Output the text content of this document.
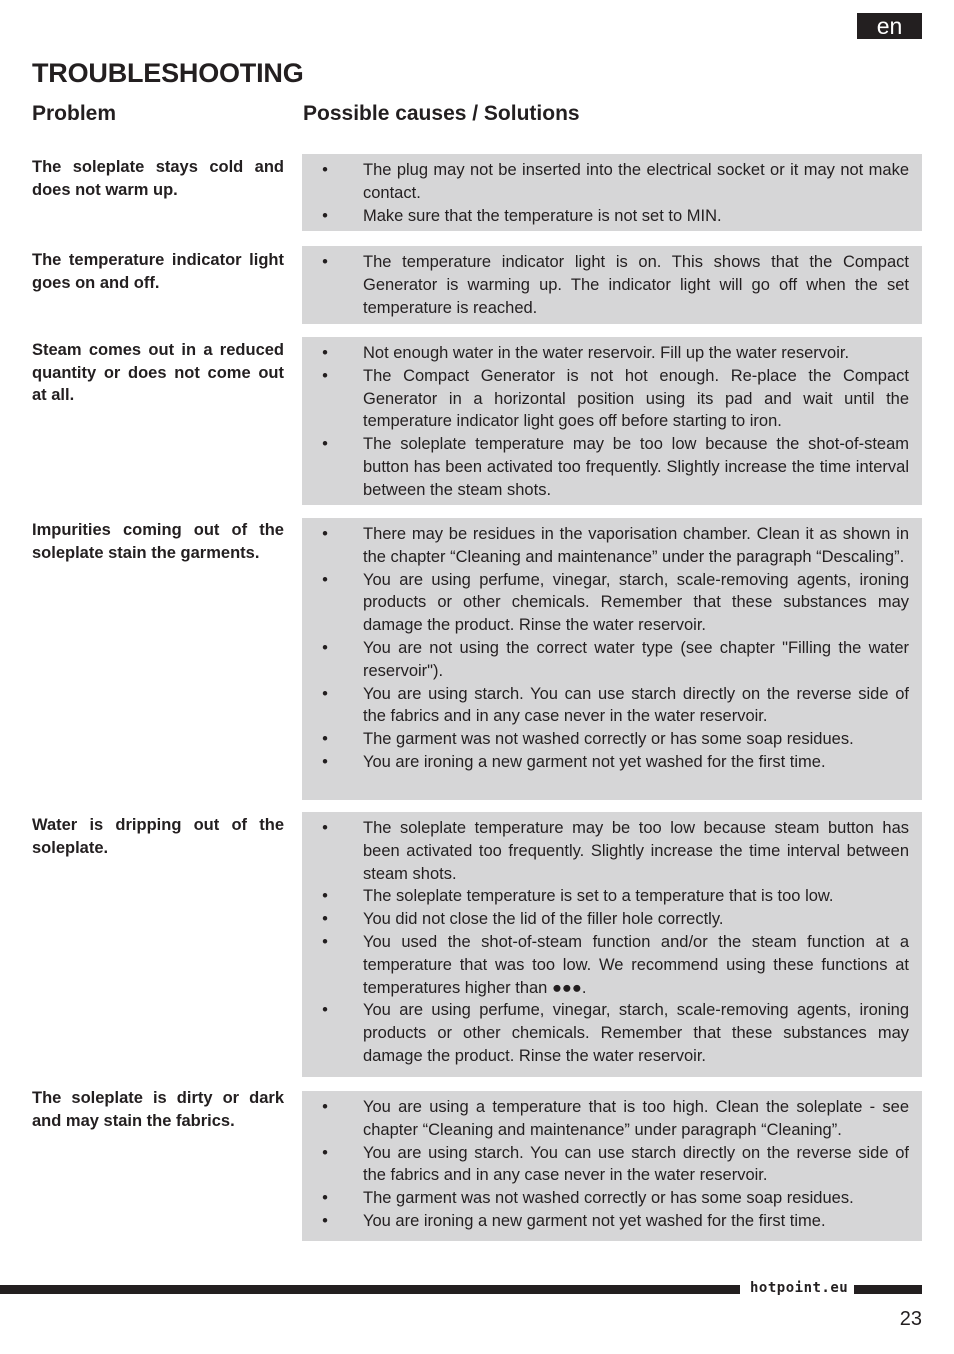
en
TROUBLESHOOTING
Problem	Possible causes / Solutions
The soleplate stays cold and does not warm up.
• The plug may not be inserted into the electrical socket or it may not make contact.
• Make sure that the temperature is not set to MIN.
The temperature indicator light goes on and off.
• The temperature indicator light is on. This shows that the Compact Generator is warming up. The indicator light will go off when the set temperature is reached.
Steam comes out in a reduced quantity or does not come out at all.
• Not enough water in the water reservoir. Fill up the water reservoir.
• The Compact Generator is not hot enough. Re-place the Compact Generator in a horizontal position using its pad and wait until the temperature indicator light goes off before starting to iron.
• The soleplate temperature may be too low because the shot-of-steam button has been activated too frequently. Slightly increase the time interval between the steam shots.
Impurities coming out of the soleplate stain the garments.
• There may be residues in the vaporisation chamber. Clean it as shown in the chapter “Cleaning and maintenance” under the paragraph “Descaling”.
• You are using perfume, vinegar, starch, scale-removing agents, ironing products or other chemicals. Remember that these substances may damage the product. Rinse the water reservoir.
• You are not using the correct water type (see chapter "Filling the water reservoir").
• You are using starch. You can use starch directly on the reverse side of the fabrics and in any case never in the water reservoir.
• The garment was not washed correctly or has some soap residues.
• You are ironing a new garment not yet washed for the first time.
Water is dripping out of the soleplate.
• The soleplate temperature may be too low because steam button has been activated too frequently. Slightly increase the time interval between steam shots.
• The soleplate temperature is set to a temperature that is too low.
• You did not close the lid of the filler hole correctly.
• You used the shot-of-steam function and/or the steam function at a temperature that was too low. We recommend using these functions at temperatures higher than ●●●.
• You are using perfume, vinegar, starch, scale-removing agents, ironing products or other chemicals. Remember that these substances may damage the product. Rinse the water reservoir.
The soleplate is dirty or dark and may stain the fabrics.
• You are using a temperature that is too high. Clean the soleplate - see chapter “Cleaning and maintenance” under paragraph “Cleaning”.
• You are using starch. You can use starch directly on the reverse side of the fabrics and in any case never in the water reservoir.
• The garment was not washed correctly or has some soap residues.
• You are ironing a new garment not yet washed for the first time.
hotpoint.eu
23
